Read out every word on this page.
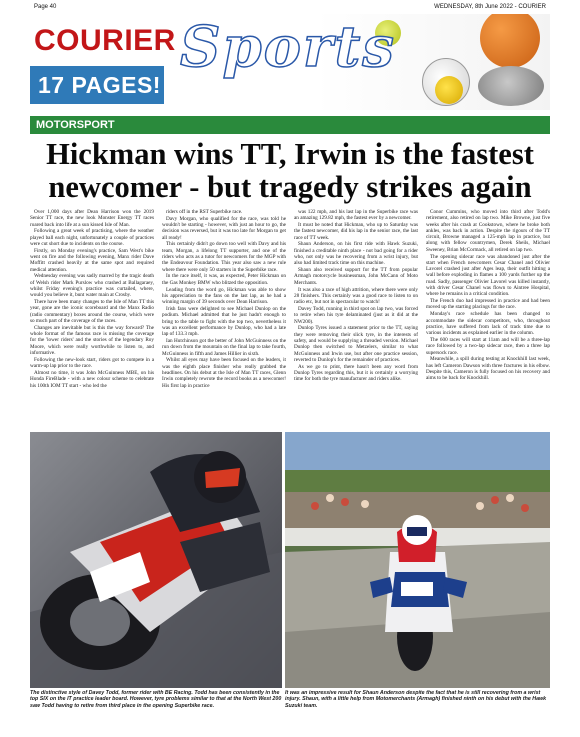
Page 40	WEDNESDAY, 8th June 2022 - COURIER
COURIER Sports
17 PAGES!
MOTORSPORT
Hickman wins TT, Irwin is the fastest newcomer - but tragedy strikes again

Over 1,000 days after Dean Harrison won the 2019 Senior TT race, the new look Monster Energy TT races roared back into life at a sun kissed Isle of Man.

Following a great week of practising, where the weather played ball each night, unfortunately a couple of practices were cut short due to incidents on the course.

Firstly, on Monday evening's practice, Sam West's bike went on fire and the following evening, Manx rider Dave Moffitt crashed heavily at the same spot and required medical attention.

Wednesday evening was sadly marred by the tragic death of Welsh rider Mark Purslow who crashed at Ballagaraey, whilst Friday evening's practice was curtailed, where, would you believe it, bunt water main at Crosby.

There have been many changes to the Isle of Man TT this year, gone are the iconic scoreboard and the Manx Radio (radio commentary) boxes around the course, which were so much part of the coverage of the races.

Changes are inevitable but is this the way forward? The whole format of the famous race is missing the coverage for the 'lower riders' and the stories of the legendary Roy Moore, which were really worthwhile to listen to, and informative.

Following the new-look start, riders got to compete in a warm-up lap prior to the race.

Almost no time, it was John McGuinness MBE, on his Honda FireBlade - with a new colour scheme to celebrate his 100th IOM TT start - who led the

riders off in the RST Superbike race.

Davy Morgan, who qualified for the race, was told he wouldn't be starting - however, with just an hour to go, the decision was reversed, but it was too late for Morgan to get all ready!

This certainly didn't go down too well with Davy and his team, Morgan, a lifelong TT supporter, and one of the riders who acts as a tutor for newcomers for the MGP with the Endeavour Foundation. This year also saw a new rule where there were only 50 starters in the Superbike race.

In the race itself, it was, as expected, Peter Hickman on the Gas Monkey BMW who blitzed the opposition.

Leading from the word go, Hickman was able to show his appreciation to the fans on the last lap, as he had a winning margin of 39 seconds over Dean Harrison.

Irish fans were delighted to see Michael Dunlop on the podium. Michael admitted that he just hadn't enough to bring to the table to fight with the top two, nevertheless it was an excellent performance by Dunlop, who had a late lap of 133.3 mph.

Ian Hutchinson got the better of John McGuinness on the run down from the mountain on the final lap to take fourth, McGuinness in fifth and James Hillier in sixth.

Whilst all eyes may have been focused on the leaders, it was the eighth place finisher who really grabbed the headlines. On his debut at the Isle of Man TT races, Glenn Irwin completely rewrote the record books as a newcomer! His first lap in practice

was 122 mph, and his last lap in the Superbike race was an amazing 129.82 mph, the fastest ever by a newcomer.

It must be noted that Hickman, who up to Saturday was the fastest newcomer, did his lap in the senior race, the last race of TT week.

Shaun Anderson, on his first ride with Hawk Suzuki, finished a creditable ninth place - not bad going for a rider who, not only was he recovering from a wrist injury, but also had limited track time on this machine.

Shaun also received support for the TT from popular Armagh motorcycle businessman, John McCann of Moto Merchants.

It was also a race of high attrition, where there were only 28 finishers. This certainly was a good race to listen to on radio etc, but not in spectacular to watch!

Davey Todd, running in third spot on lap two, was forced to retire when his tyre delaminated (just as it did at the NW200).

Dunlop Tyres issued a statement prior to the TT, saying they were removing their slick tyre, in the interests of safety, and would be supplying a threaded version. Michael Dunlop then switched to Metzelers, similar to what McGuinness and Irwin use, but after one practice session, reverted to Dunlop's for the remainder of practices.

As we go to print, there hasn't been any word from Dunlop Tyres regarding this, but it is certainly a worrying time for both the tyre manufacturer and riders alike.

Conor Cummins, who moved into third after Todd's retirement, also retired on lap two. Mike Browne, just five weeks after his crash at Cookstown, where he broke both ankles, was back in action. Despite the rigours of the TT circuit, Browne managed a 125-mph lap in practice, but along with fellow countrymen, Derek Sheils, Michael Sweeney, Brian McCormack, all retired on lap two.

The opening sidecar race was abandoned just after the start when French newcomers Cesar Chanel and Olivier Lavorel crashed just after Ages leap, their outfit hitting a wall before exploding in flames a 100 yards further up the road. Sadly, passenger Olivier Lavorel was killed instantly, with driver Cesar Chanel was flown to Aintree Hospital, where he remains in a critical condition.

The French duo had impressed in practice and had been moved up the starting placings for the race.

Monday's race schedule has been changed to accommodate the sidecar competitors, who, throughout practice, have suffered from lack of track time due to various incidents as explained earlier in the column.

The 600 races will start at 11am and will be a three-lap race followed by a two-lap sidecar race, then a three lap supersock race.

Meanwhile, a spill during testing at Knockhill last week, has left Cameron Dawson with three fractures in his elbow. Despite this, Cameron is fully focused on his recovery and aims to be back for Knockhill.

The distinctive style of Davey Todd, former rider with BE Racing. Todd has been consistently in the top SIX on the IT practice leader board. However, tyre problems similar to that at the North West 200 saw Todd having to retire from third place in the opening Superbike race.
It was an impressive result for Shaun Anderson despite the fact that he is still recovering from a wrist injury. Shaun, with a little help from Motomerchants (Armagh) finished ninth on his debut with the Hawk Suzuki team.
